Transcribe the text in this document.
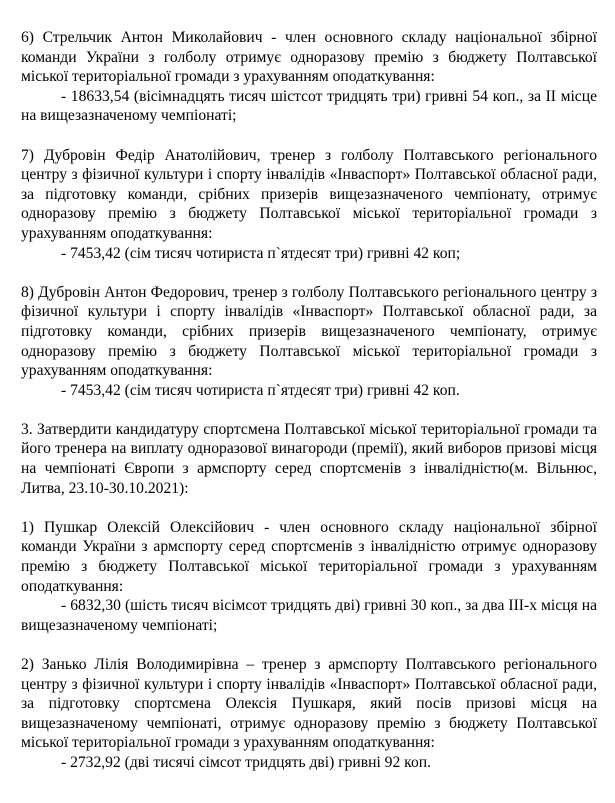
6) Стрельчик Антон Миколайович - член основного складу національної збірної команди України з голболу отримує одноразову премію з бюджету Полтавської міської територіальної громади з урахуванням оподаткування:

- 18633,54 (вісімнадцять тисяч шістсот тридцять три) гривні 54 коп., за ІІ місце на вищезазначеному чемпіонаті;

7) Дубровін Федір Анатолійович, тренер з голболу Полтавського регіонального центру з фізичної культури і спорту інвалідів «Інваспорт» Полтавської обласної ради, за підготовку команди, срібних призерів вищезазначеного чемпіонату, отримує одноразову премію з бюджету Полтавської міської територіальної громади з урахуванням оподаткування:

- 7453,42 (сім тисяч чотириста п`ятдесят три) гривні 42 коп;

8) Дубровін Антон Федорович, тренер з голболу Полтавського регіонального центру з фізичної культури і спорту інвалідів «Інваспорт» Полтавської обласної ради, за підготовку команди, срібних призерів вищезазначеного чемпіонату, отримує одноразову премію з бюджету Полтавської міської територіальної громади з урахуванням оподаткування:

- 7453,42 (сім тисяч чотириста п`ятдесят три) гривні 42 коп.

3. Затвердити кандидатуру спортсмена Полтавської міської територіальної громади та його тренера на виплату одноразової винагороди (премії), який виборов призові місця на чемпіонаті Європи з армспорту серед спортсменів з інвалідністю(м. Вільнюс, Литва, 23.10-30.10.2021):

1) Пушкар Олексій Олексійович - член основного складу національної збірної команди України з армспорту серед спортсменів з інвалідністю отримує одноразову премію з бюджету Полтавської міської територіальної громади з урахуванням оподаткування:

- 6832,30 (шість тисяч вісімсот тридцять дві) гривні 30 коп., за два ІІІ-х місця на вищезазначеному чемпіонаті;

2) Занько Лілія Володимирівна – тренер з армспорту Полтавського регіонального центру з фізичної культури і спорту інвалідів «Інваспорт» Полтавської обласної ради, за підготовку спортсмена Олексія Пушкаря, який посів призові місця на вищезазначеному чемпіонаті, отримує одноразову премію з бюджету Полтавської міської територіальної громади з урахуванням оподаткування:

- 2732,92 (дві тисячі сімсот тридцять дві) гривні 92 коп.
